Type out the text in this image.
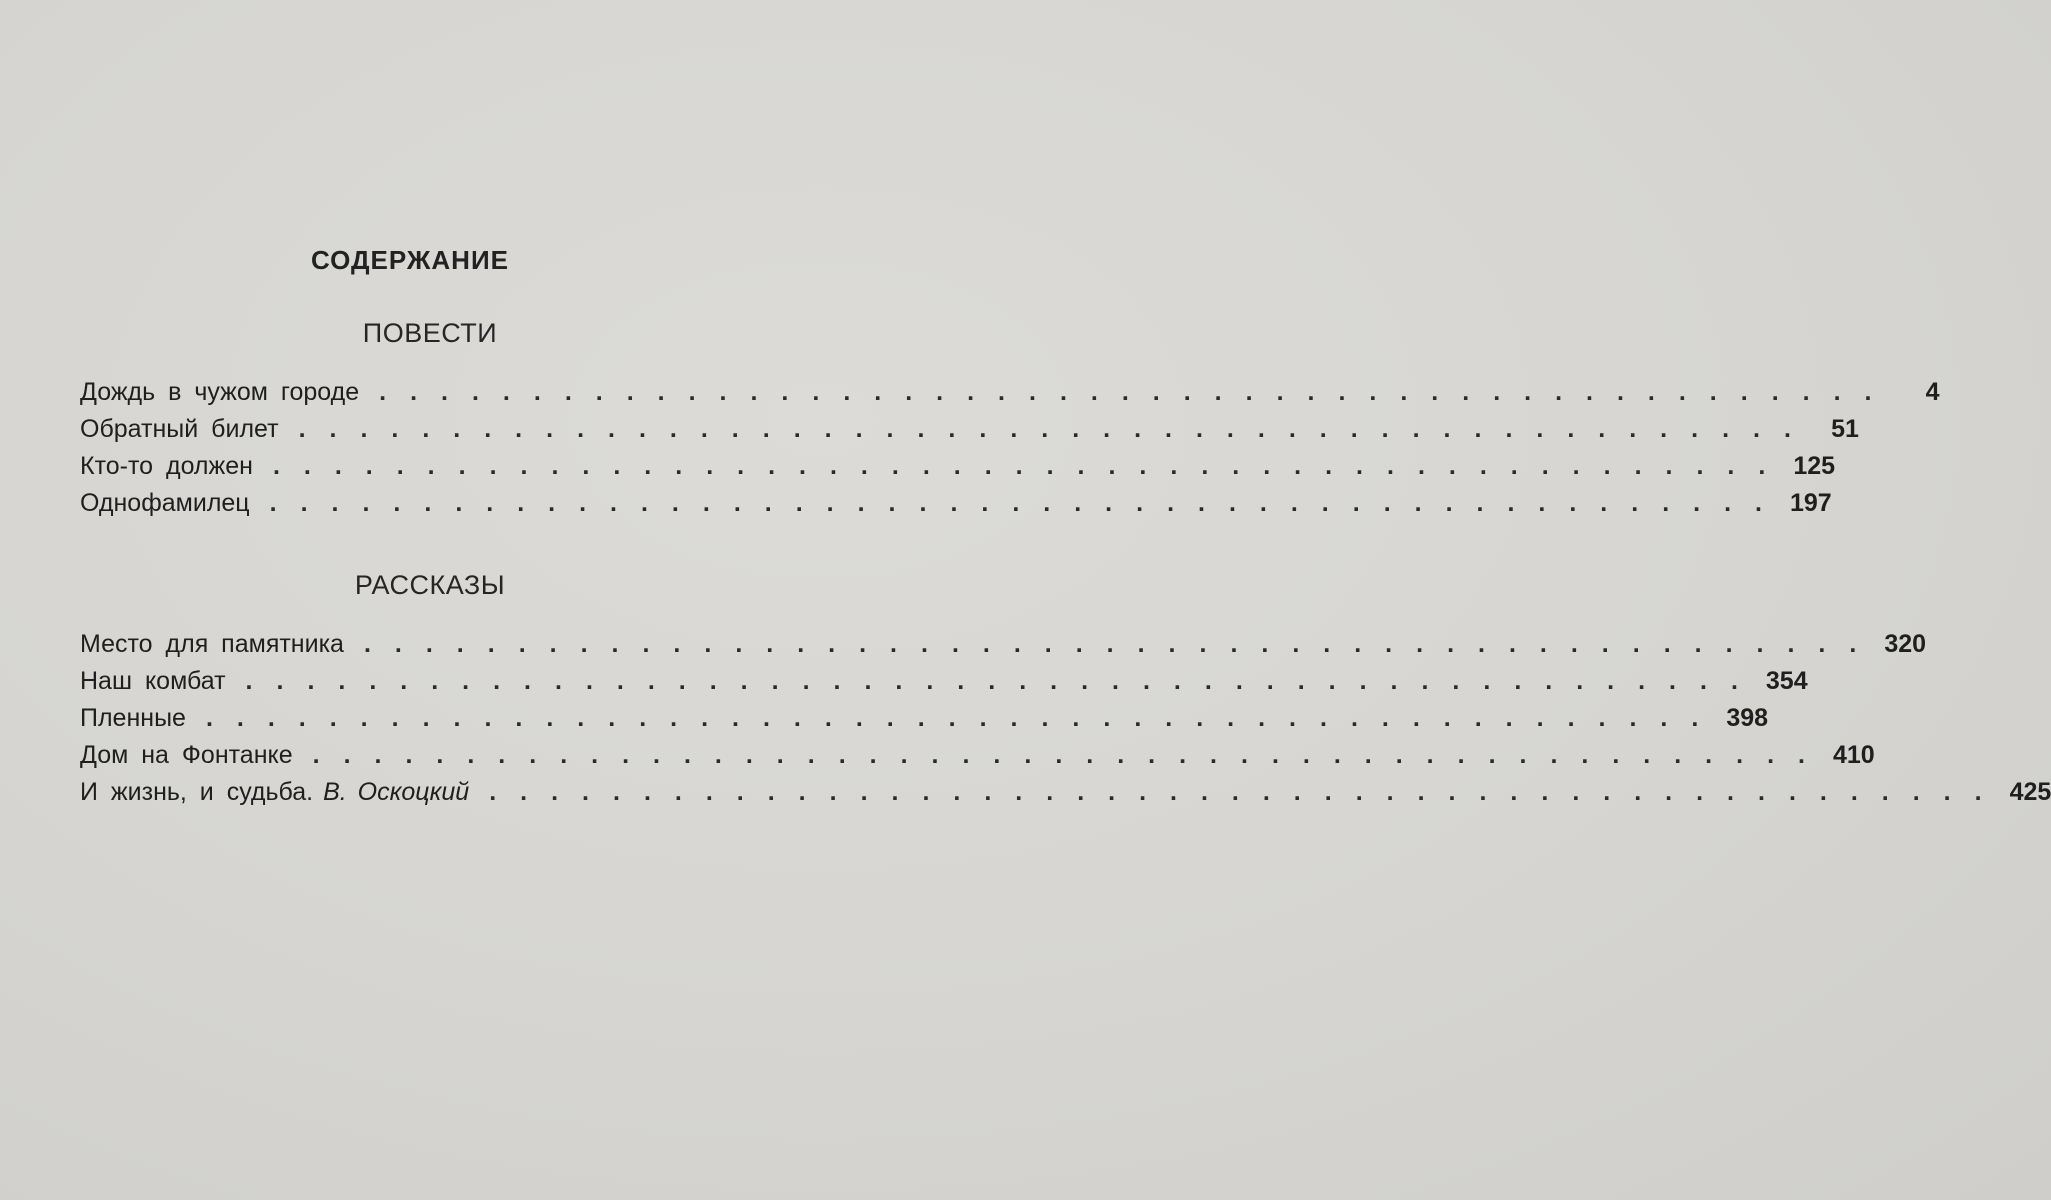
СОДЕРЖАНИЕ
ПОВЕСТИ
Дождь в чужом городе .................................................	4
Обратный билет ................................................. 51
Кто-то должен ................................................. 125
Однофамилец ................................................. 197
РАССКАЗЫ
Место для памятника ................................................. 320
Наш комбат ................................................. 354
Пленные ................................................. 398
Дом на Фонтанке ................................................. 410
И жизнь, и судьба. В. Оскоцкий ................................................. 425
